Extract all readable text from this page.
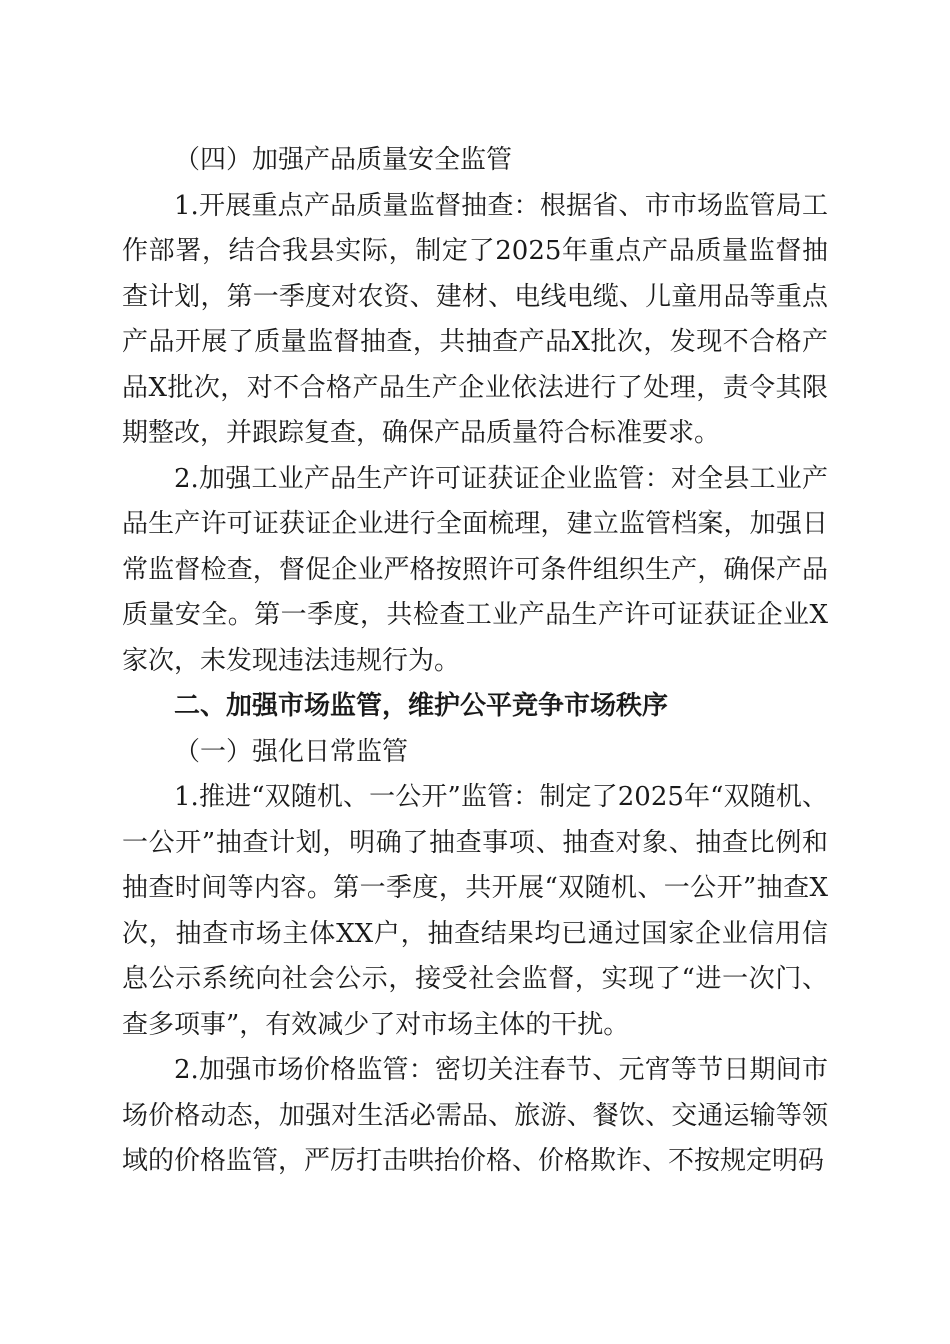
（四）加强产品质量安全监管

1.开展重点产品质量监督抽查：根据省、市市场监管局工作部署，结合我县实际，制定了2025年重点产品质量监督抽查计划，第一季度对农资、建材、电线电缆、儿童用品等重点产品开展了质量监督抽查，共抽查产品X批次，发现不合格产品X批次，对不合格产品生产企业依法进行了处理，责令其限期整改，并跟踪复查，确保产品质量符合标准要求。

2.加强工业产品生产许可证获证企业监管：对全县工业产品生产许可证获证企业进行全面梳理，建立监管档案，加强日常监督检查，督促企业严格按照许可条件组织生产，确保产品质量安全。第一季度，共检查工业产品生产许可证获证企业X家次，未发现违法违规行为。

二、加强市场监管，维护公平竞争市场秩序

（一）强化日常监管

1.推进“双随机、一公开”监管：制定了2025年“双随机、一公开”抽查计划，明确了抽查事项、抽查对象、抽查比例和抽查时间等内容。第一季度，共开展“双随机、一公开”抽查X次，抽查市场主体XX户，抽查结果均已通过国家企业信用信息公示系统向社会公示，接受社会监督，实现了“进一次门、查多项事”，有效减少了对市场主体的干扰。

2.加强市场价格监管：密切关注春节、元宵等节日期间市场价格动态，加强对生活必需品、旅游、餐饮、交通运输等领域的价格监管，严厉打击哄抬价格、价格欺诈、不按规定明码
